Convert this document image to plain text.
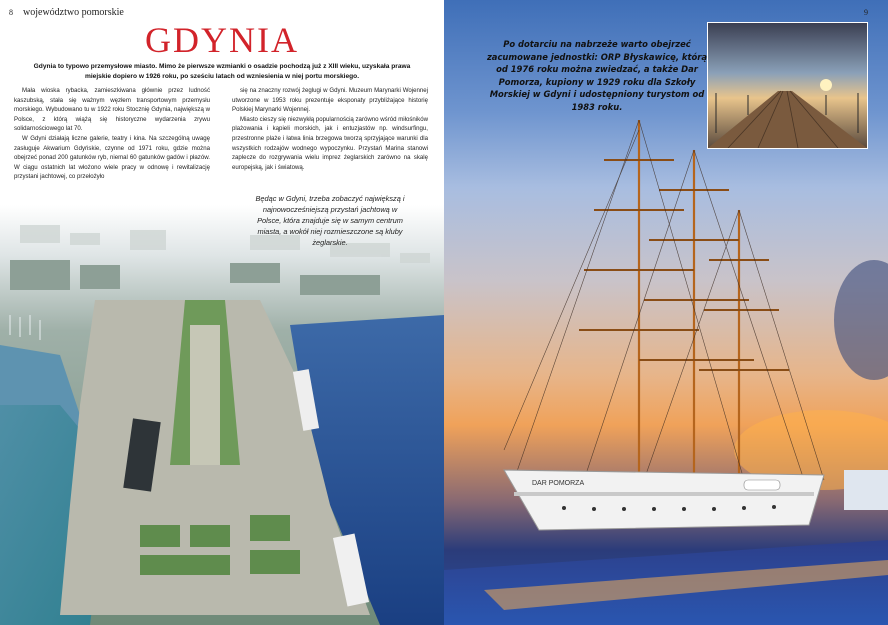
8 województwo pomorskie
GDYNIA
Gdynia to typowo przemysłowe miasto. Mimo że pierwsze wzmianki o osadzie pochodzą już z XIII wieku, uzyskała prawa miejskie dopiero w 1926 roku, po sześciu latach od wzniesienia w niej portu morskiego.

Mała wioska rybacka, zamieszkiwana głównie przez ludność kaszubską, stała się ważnym węzłem transportowym przemysłu morskiego. Wybudowano tu w 1922 roku Stocznię Gdynia, największą w Polsce, z którą wiążą się historyczne wydarzenia zrywu solidarnościowego lat 70.

W Gdyni działają liczne galerie, teatry i kina. Na szczególną uwagę zasługuje Akwarium Gdyńskie, czynne od 1971 roku, gdzie można obejrzeć ponad 200 gatunków ryb, niemal 60 gatunków gadów i płazów. W ciągu ostatnich lat włożono wiele pracy w odnowę i rewitalizację przystani jachtowej, co przełożyło

się na znaczny rozwój żeglugi w Gdyni. Muzeum Marynarki Wojennej utworzone w 1953 roku prezentuje eksponaty przybliżające historię Polskiej Marynarki Wojennej.

Miasto cieszy się niezwykłą popularnością zarówno wśród miłośników plażowania i kąpieli morskich, jak i entuzjastów np. windsurfingu, przestronne plaże i łatwa linia brzegowa tworzą sprzyjające warunki dla wszystkich rodzajów wodnego wypoczynku. Przystań Marina stanowi zaplecze do rozgrywania wielu imprez żeglarskich zarówno na skalę europejską, jak i światową.

Będąc w Gdyni, trzeba zobaczyć największą i najnowocześniejszą przystań jachtową w Polsce, która znajduje się w samym centrum miasta, a wokół niej rozmieszczone są kluby żeglarskie.
9
Po dotarciu na nabrzeże warto obejrzeć zacumowane jednostki: ORP Błyskawicę, którą od 1976 roku można zwiedzać, a także Dar Pomorza, kupiony w 1929 roku dla Szkoły Morskiej w Gdyni i udostępniony turystom od 1983 roku.
DAR POMORZA
